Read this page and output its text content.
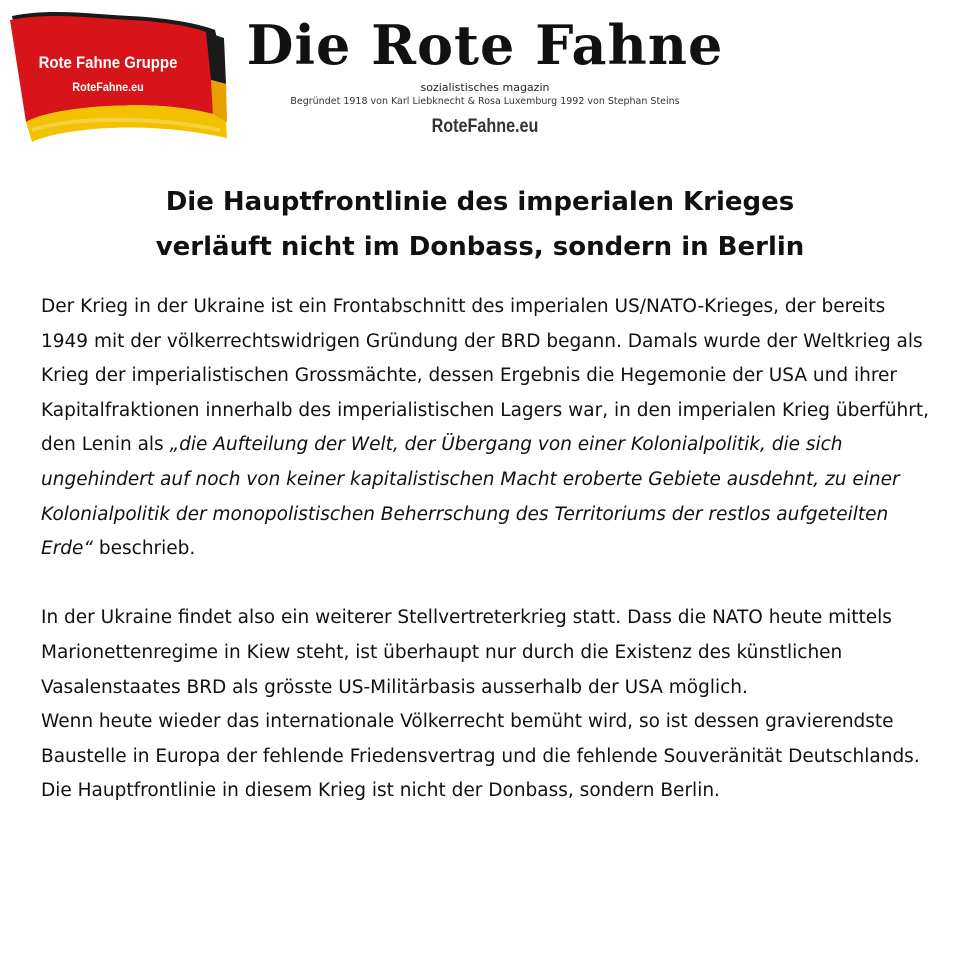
Rote Fahne Gruppe
RoteFahne.eu
Die Rote Fahne
sozialistisches magazin
Begründet 1918 von Karl Liebknecht & Rosa Luxemburg 1992 von Stephan Steins
RoteFahne.eu
Die Hauptfrontlinie des imperialen Krieges
verläuft nicht im Donbass, sondern in Berlin

Der Krieg in der Ukraine ist ein Frontabschnitt des imperialen US/NATO-Krieges, der bereits 1949 mit der völkerrechtswidrigen Gründung der BRD begann. Damals wurde der Weltkrieg als Krieg der imperialistischen Grossmächte, dessen Ergebnis die Hegemonie der USA und ihrer Kapitalfraktionen innerhalb des imperialistischen Lagers war, in den imperialen Krieg überführt, den Lenin als „die Aufteilung der Welt, der Übergang von einer Kolonialpolitik, die sich ungehindert auf noch von keiner kapitalistischen Macht eroberte Gebiete ausdehnt, zu einer Kolonialpolitik der monopolistischen Beherrschung des Territoriums der restlos aufgeteilten Erde“ beschrieb.

In der Ukraine findet also ein weiterer Stellvertreterkrieg statt. Dass die NATO heute mittels Marionettenregime in Kiew steht, ist überhaupt nur durch die Existenz des künstlichen Vasalenstaates BRD als grösste US-Militärbasis ausserhalb der USA möglich.

Wenn heute wieder das internationale Völkerrecht bemüht wird, so ist dessen gravierendste Baustelle in Europa der fehlende Friedensvertrag und die fehlende Souveränität Deutschlands.

Die Hauptfrontlinie in diesem Krieg ist nicht der Donbass, sondern Berlin.
